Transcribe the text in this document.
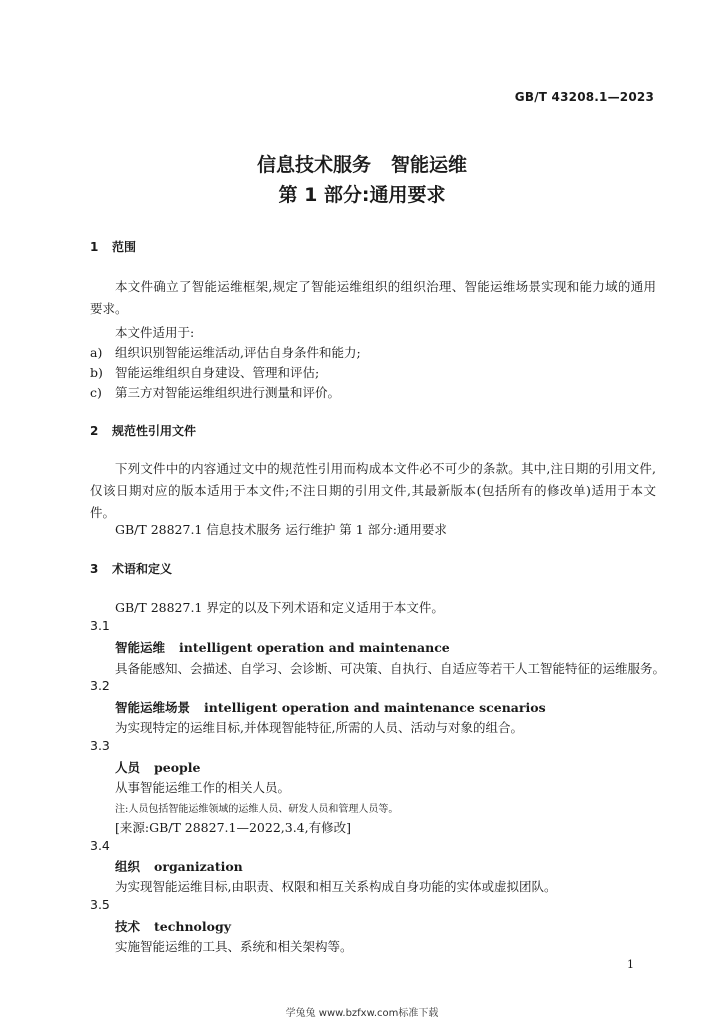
GB/T 43208.1—2023
信息技术服务 智能运维
第 1 部分:通用要求
1 范围
本文件确立了智能运维框架,规定了智能运维组织的组织治理、智能运维场景实现和能力域的通用要求。
本文件适用于:
a) 组织识别智能运维活动,评估自身条件和能力;
b) 智能运维组织自身建设、管理和评估;
c) 第三方对智能运维组织进行测量和评价。
2 规范性引用文件
下列文件中的内容通过文中的规范性引用而构成本文件必不可少的条款。其中,注日期的引用文件,仅该日期对应的版本适用于本文件;不注日期的引用文件,其最新版本(包括所有的修改单)适用于本文件。
GB/T 28827.1 信息技术服务 运行维护 第 1 部分:通用要求
3 术语和定义
GB/T 28827.1 界定的以及下列术语和定义适用于本文件。
3.1
智能运维 intelligent operation and maintenance
具备能感知、会描述、自学习、会诊断、可决策、自执行、自适应等若干人工智能特征的运维服务。
3.2
智能运维场景 intelligent operation and maintenance scenarios
为实现特定的运维目标,并体现智能特征,所需的人员、活动与对象的组合。
3.3
人员 people
从事智能运维工作的相关人员。
注:人员包括智能运维领域的运维人员、研发人员和管理人员等。
[来源:GB/T 28827.1—2022,3.4,有修改]
3.4
组织 organization
为实现智能运维目标,由职责、权限和相互关系构成自身功能的实体或虚拟团队。
3.5
技术 technology
实施智能运维的工具、系统和相关架构等。
1
学兔兔 www.bzfxw.com标准下载
